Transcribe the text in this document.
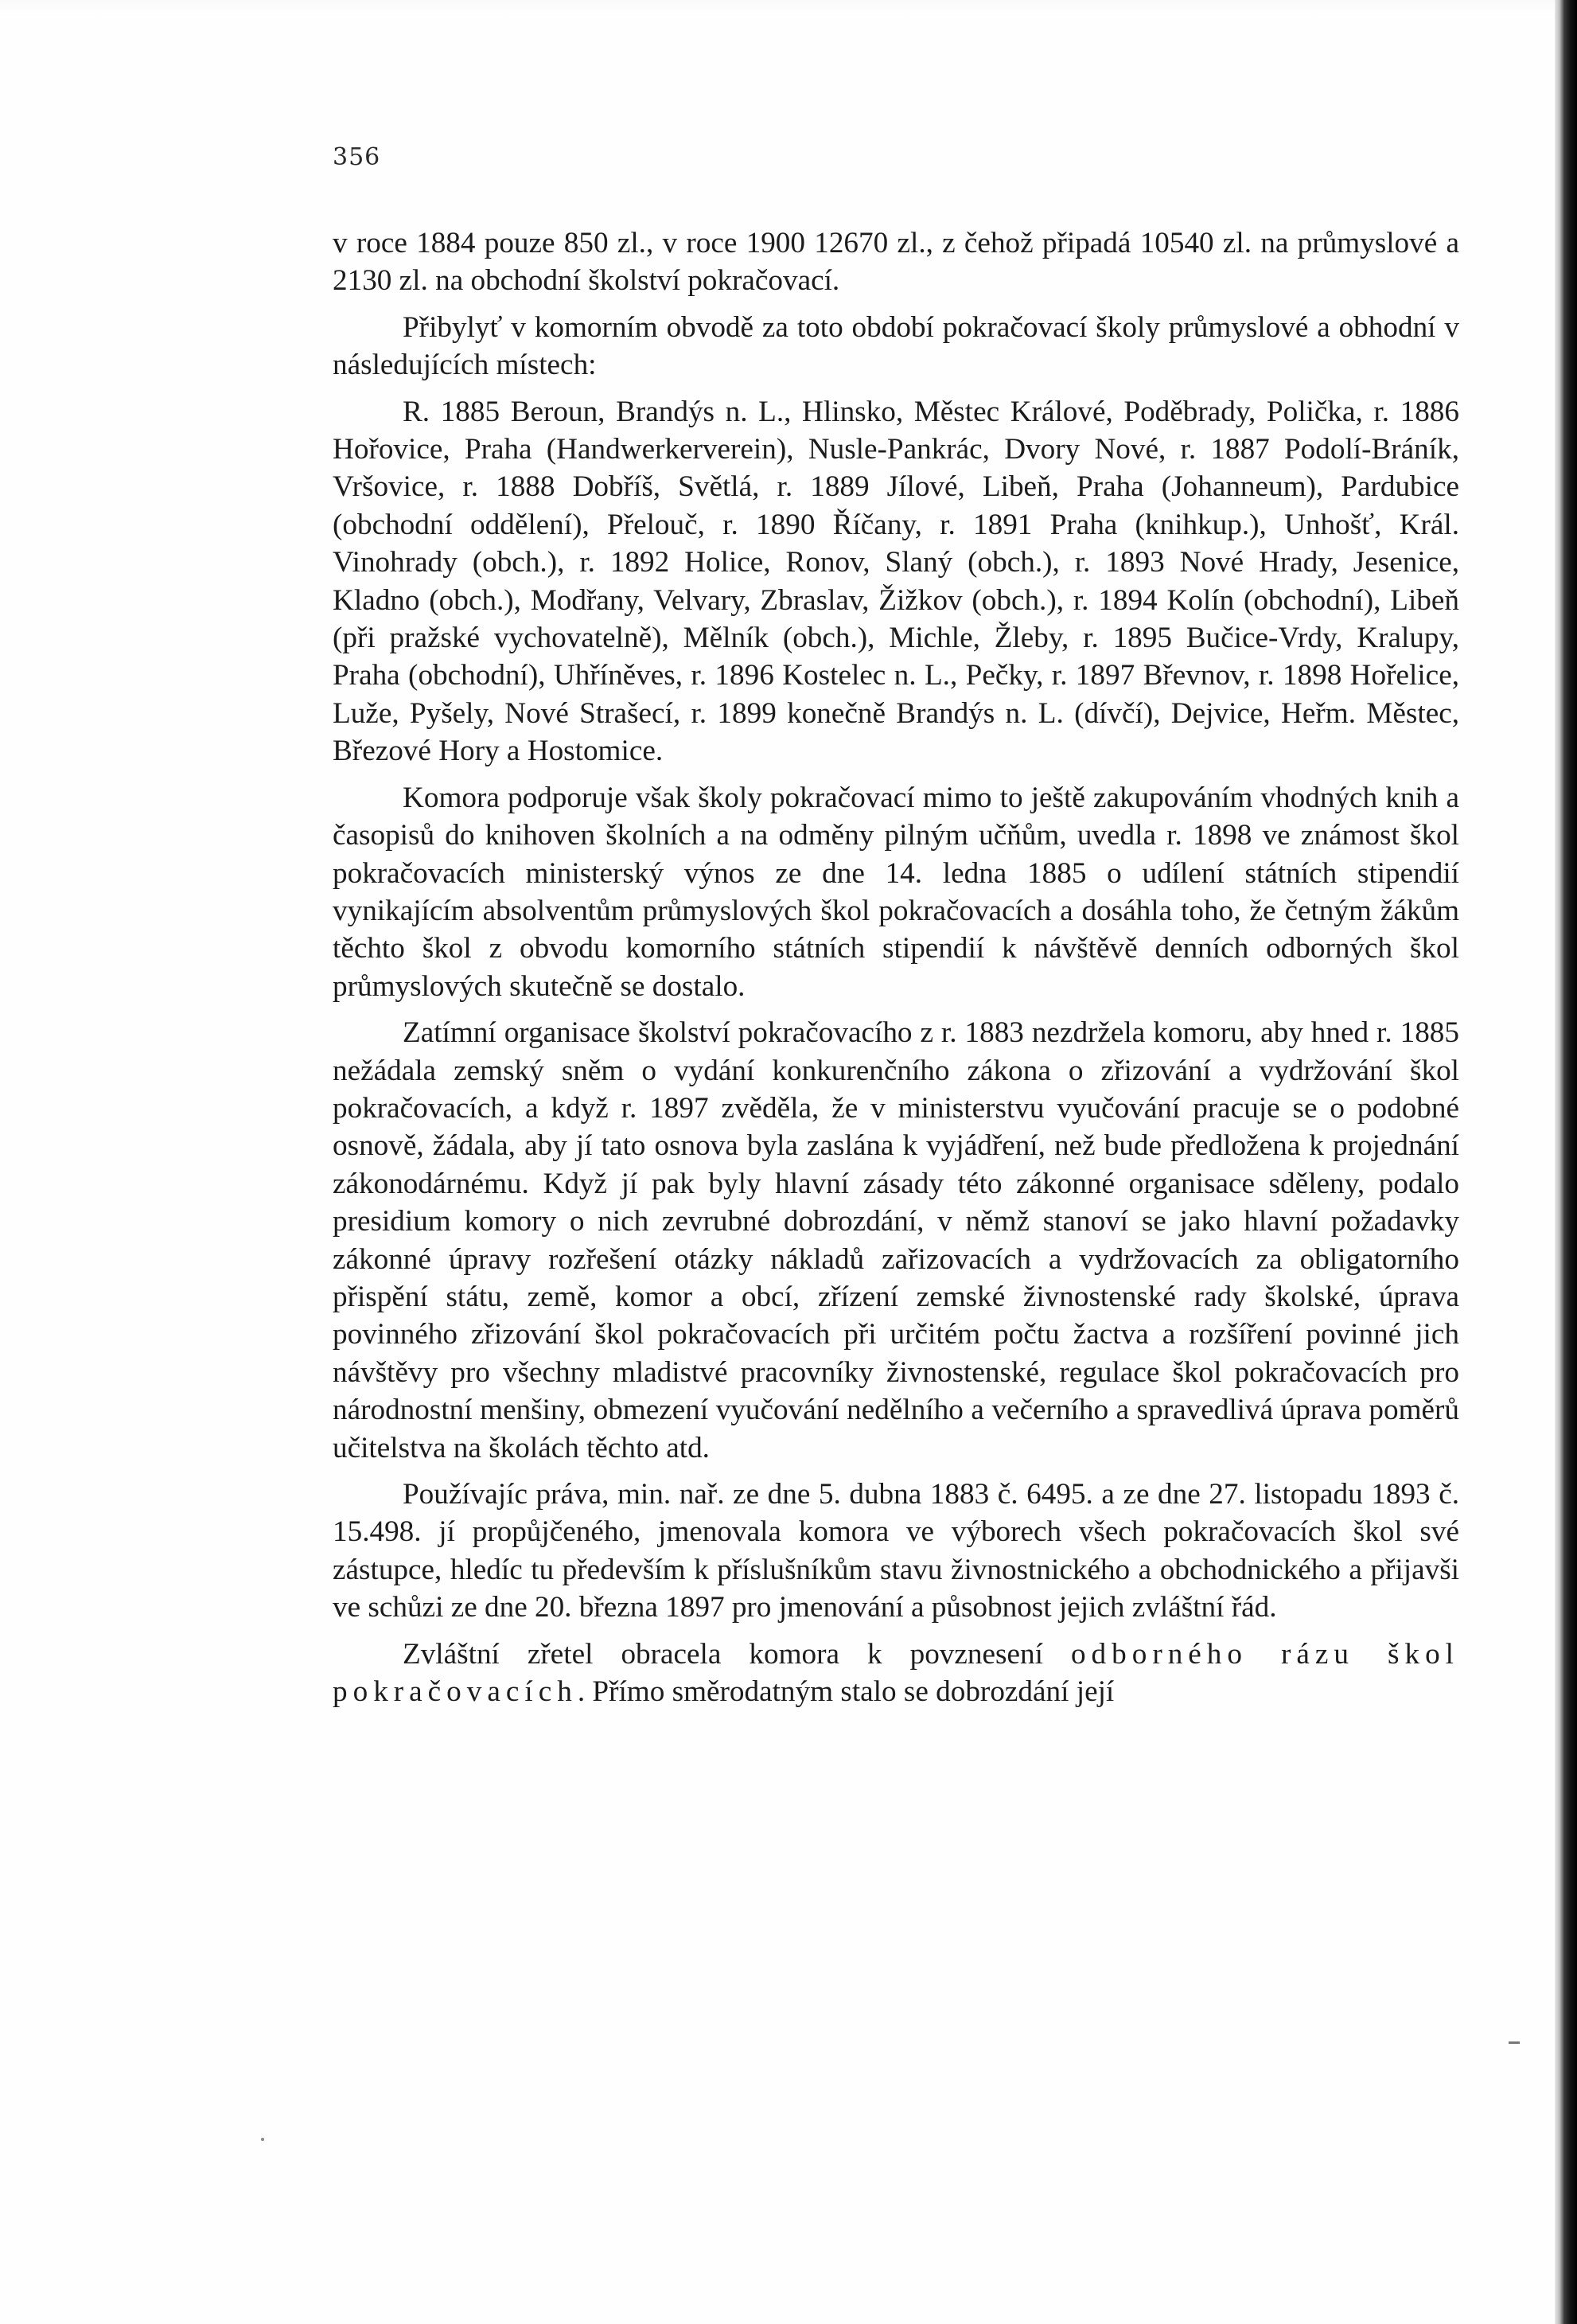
356

v roce 1884 pouze 850 zl., v roce 1900 12670 zl., z čehož připadá 10540 zl. na průmyslové a 2130 zl. na obchodní školství pokračovací.

Přibylyť v komorním obvodě za toto období pokračovací školy průmyslové a obhodní v následujících místech:

R. 1885 Beroun, Brandýs n. L., Hlinsko, Městec Králové, Poděbrady, Polička, r. 1886 Hořovice, Praha (Handwerkerverein), Nusle-Pankrác, Dvory Nové, r. 1887 Podolí-Bráník, Vršovice, r. 1888 Dobříš, Světlá, r. 1889 Jílové, Libeň, Praha (Johanneum), Pardubice (obchodní oddělení), Přelouč, r. 1890 Říčany, r. 1891 Praha (knihkup.), Unhošť, Král. Vinohrady (obch.), r. 1892 Holice, Ronov, Slaný (obch.), r. 1893 Nové Hrady, Jesenice, Kladno (obch.), Modřany, Velvary, Zbraslav, Žižkov (obch.), r. 1894 Kolín (obchodní), Libeň (při pražské vychovatelně), Mělník (obch.), Michle, Žleby, r. 1895 Bučice-Vrdy, Kralupy, Praha (obchodní), Uhříněves, r. 1896 Kostelec n. L., Pečky, r. 1897 Břevnov, r. 1898 Hořelice, Luže, Pyšely, Nové Strašecí, r. 1899 konečně Brandýs n. L. (dívčí), Dejvice, Heřm. Městec, Březové Hory a Hostomice.

Komora podporuje však školy pokračovací mimo to ještě zakupováním vhodných knih a časopisů do knihoven školních a na odměny pilným učňům, uvedla r. 1898 ve známost škol pokračovacích ministerský výnos ze dne 14. ledna 1885 o udílení státních stipendií vynikajícím absolventům průmyslových škol pokračovacích a dosáhla toho, že četným žákům těchto škol z obvodu komorního státních stipendií k návštěvě denních odborných škol průmyslových skutečně se dostalo.

Zatímní organisace školství pokračovacího z r. 1883 nezdržela komoru, aby hned r. 1885 nežádala zemský sněm o vydání konkurenčního zákona o zřizování a vydržování škol pokračovacích, a když r. 1897 zvěděla, že v ministerstvu vyučování pracuje se o podobné osnově, žádala, aby jí tato osnova byla zaslána k vyjádření, než bude předložena k projednání zákonodárnému. Když jí pak byly hlavní zásady této zákonné organisace sděleny, podalo presidium komory o nich zevrubné dobrozdání, v němž stanoví se jako hlavní požadavky zákonné úpravy rozřešení otázky nákladů zařizovacích a vydržovacích za obligatorního přispění státu, země, komor a obcí, zřízení zemské živnostenské rady školské, úprava povinného zřizování škol pokračovacích při určitém počtu žactva a rozšíření povinné jich návštěvy pro všechny mladistvé pracovníky živnostenské, regulace škol pokračovacích pro národnostní menšiny, obmezení vyučování nedělního a večerního a spravedlivá úprava poměrů učitelstva na školách těchto atd.

Používajíc práva, min. nař. ze dne 5. dubna 1883 č. 6495. a ze dne 27. listopadu 1893 č. 15.498. jí propůjčeného, jmenovala komora ve výborech všech pokračovacích škol své zástupce, hledíc tu především k příslušníkům stavu živnostnického a obchodnického a přijavši ve schůzi ze dne 20. března 1897 pro jmenování a působnost jejich zvláštní řád.

Zvláštní zřetel obracela komora k povznesení odborného rázu škol pokračovacích. Přímo směrodatným stalo se dobrozdání její
